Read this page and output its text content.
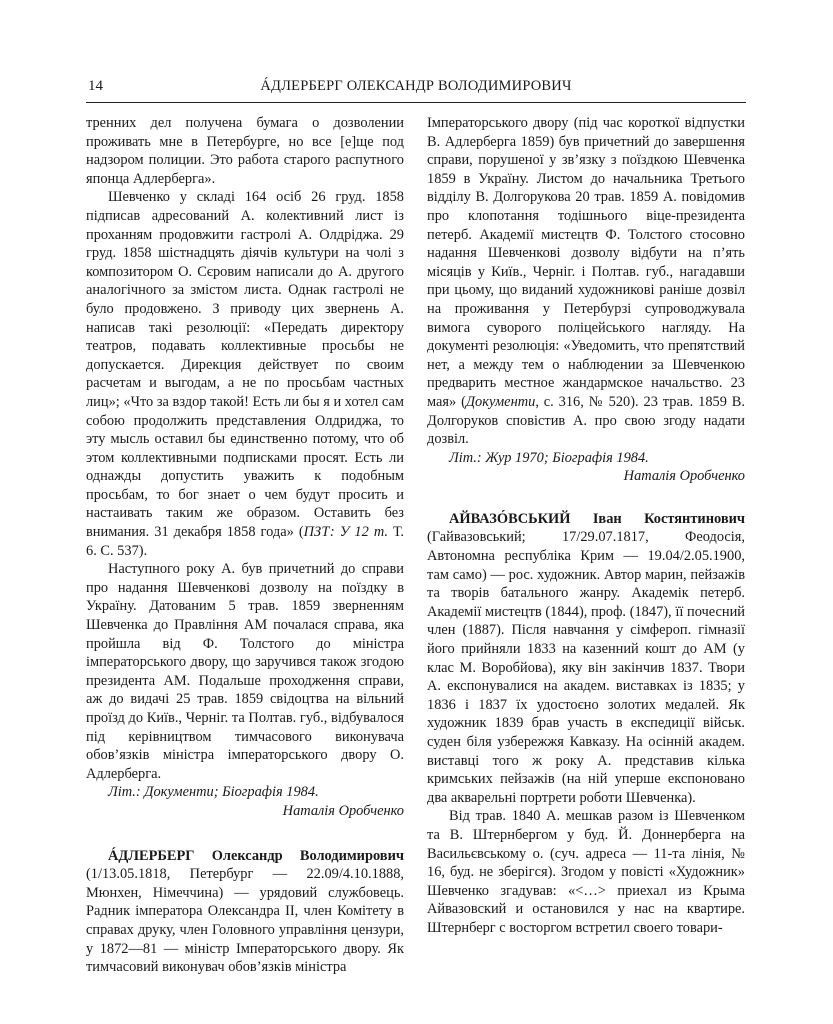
14	ÁДЛЕРБЕРГ ОЛЕКСАНДР ВОЛОДИМИРОВИЧ

тренних дел получена бумага о дозволении проживать мне в Петербурге, но все [е]ще под надзором полиции. Это работа старого распутного японца Адлерберга».

Шевченко у складі 164 осіб 26 груд. 1858 підписав адресований А. колективний лист із проханням продовжити гастролі А. Олдріджа. 29 груд. 1858 шістнадцять діячів культури на чолі з композитором О. Сєровим написали до А. другого аналогічного за змістом листа. Однак гастролі не було продовжено. З приводу цих звернень А. написав такі резолюції: «Передать директору театров, подавать коллективные просьбы не допускается. Дирекция действует по своим расчетам и выгодам, а не по просьбам частных лиц»; «Что за вздор такой! Есть ли бы я и хотел сам собою продолжить представления Олдриджа, то эту мысль оставил бы единственно потому, что об этом коллективными подписками просят. Есть ли однажды допустить уважить к подобным просьбам, то бог знает о чем будут просить и настаивать таким же образом. Оставить без внимания. 31 декабря 1858 года» (ПЗТ: У 12 т. Т. 6. С. 537).

Наступного року А. був причетний до справи про надання Шевченкові дозволу на поїздку в Україну. Датованим 5 трав. 1859 зверненням Шевченка до Правління АМ почалася справа, яка пройшла від Ф. Толстого до міністра імператорського двору, що заручився також згодою президента АМ. Подальше проходження справи, аж до видачі 25 трав. 1859 свідоцтва на вільний проїзд до Київ., Черніг. та Полтав. губ., відбувалося під керівництвом тимчасового виконувача обов’язків міністра імператорського двору О. Адлерберга.

Літ.: Документи; Біографія 1984.

Наталія Оробченко

ÁДЛЕРБЕРГ Олександр Володимирович (1/13.05.1818, Петербург — 22.09/4.10.1888, Мюнхен, Німеччина) — урядовий службовець. Радник імператора Олександра II, член Комітету в справах друку, член Головного управління цензури, у 1872—81 — міністр Імператорського двору. Як тимчасовий виконувач обов’язків міністра

Імператорського двору (під час короткої відпустки В. Адлерберга 1859) був причетний до завершення справи, порушеної у зв’язку з поїздкою Шевченка 1859 в Україну. Листом до начальника Третього відділу В. Долгорукова 20 трав. 1859 А. повідомив про клопотання тодішнього віце-президента петерб. Академії мистецтв Ф. Толстого стосовно надання Шевченкові дозволу відбути на п’ять місяців у Київ., Черніг. і Полтав. губ., нагадавши при цьому, що виданий художникові раніше дозвіл на проживання у Петербурзі супроводжувала вимога суворого поліцейського нагляду. На документі резолюція: «Уведомить, что препятствий нет, а между тем о наблюдении за Шевченкою предварить местное жандармское начальство. 23 мая» (Документи, с. 316, № 520). 23 трав. 1859 В. Долгоруков сповістив А. про свою згоду надати дозвіл.

Літ.: Жур 1970; Біографія 1984.

Наталія Оробченко

АЙВАЗÓВСЬКИЙ Іван Костянтинович (Гайвазовський; 17/29.07.1817, Феодосія, Автономна республіка Крим — 19.04/2.05.1900, там само) — рос. художник. Автор марин, пейзажів та творів батального жанру. Академік петерб. Академії мистецтв (1844), проф. (1847), її почесний член (1887). Після навчання у сімфероп. гімназії його прийняли 1833 на казенний кошт до АМ (у клас М. Воробйова), яку він закінчив 1837. Твори А. експонувалися на академ. виставках із 1835; у 1836 і 1837 їх удостоєно золотих медалей. Як художник 1839 брав участь в експедиції військ. суден біля узбережжя Кавказу. На осінній академ. виставці того ж року А. представив кілька кримських пейзажів (на ній уперше експоновано два акварельні портрети роботи Шевченка).

Від трав. 1840 А. мешкав разом із Шевченком та В. Штернбергом у буд. Й. Доннерберга на Васильєвському о. (суч. адреса — 11-та лінія, № 16, буд. не зберігся). Згодом у повісті «Художник» Шевченко згадував: «<…> приехал из Крыма Айвазовский и остановился у нас на квартире. Штернберг с восторгом встретил своего товари-
